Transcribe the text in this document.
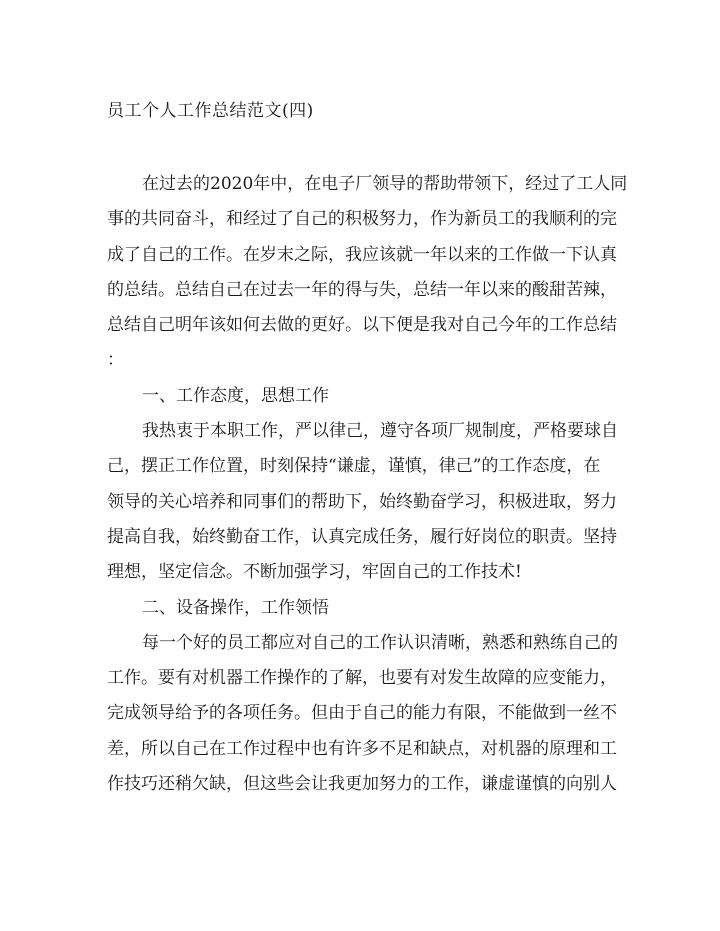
员工个人工作总结范文(四)
在过去的2020年中，在电子厂领导的帮助带领下，经过了工人同
事的共同奋斗，和经过了自己的积极努力，作为新员工的我顺利的完
成了自己的工作。在岁末之际，我应该就一年以来的工作做一下认真
的总结。总结自己在过去一年的得与失，总结一年以来的酸甜苦辣，
总结自己明年该如何去做的更好。以下便是我对自己今年的工作总结
：
一、工作态度，思想工作
我热衷于本职工作，严以律己，遵守各项厂规制度，严格要球自
己，摆正工作位置，时刻保持“谦虚，谨慎，律己”的工作态度，在
领导的关心培养和同事们的帮助下，始终勤奋学习，积极进取，努力
提高自我，始终勤奋工作，认真完成任务，履行好岗位的职责。坚持
理想，坚定信念。不断加强学习，牢固自己的工作技术!
二、设备操作，工作领悟
每一个好的员工都应对自己的工作认识清晰，熟悉和熟练自己的
工作。要有对机器工作操作的了解，也要有对发生故障的应变能力，
完成领导给予的各项任务。但由于自己的能力有限，不能做到一丝不
差，所以自己在工作过程中也有许多不足和缺点，对机器的原理和工
作技巧还稍欠缺，但这些会让我更加努力的工作，谦虚谨慎的向别人
